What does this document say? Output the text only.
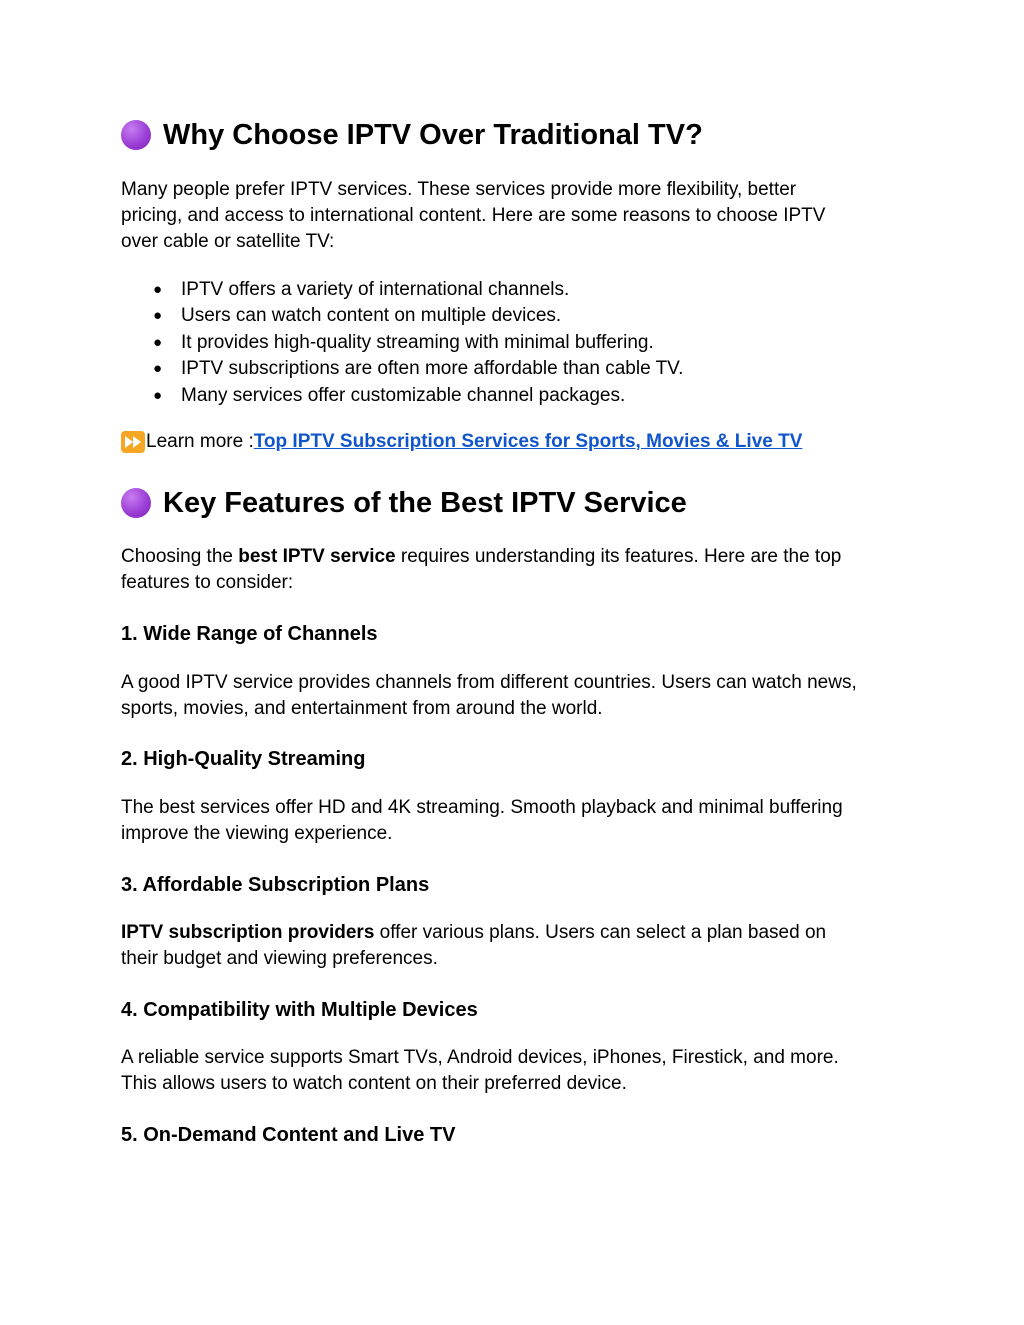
Why Choose IPTV Over Traditional TV?

Many people prefer IPTV services. These services provide more flexibility, better

pricing, and access to international content. Here are some reasons to choose IPTV

over cable or satellite TV:

● IPTV offers a variety of international channels.
● Users can watch content on multiple devices.
● It provides high-quality streaming with minimal buffering.
● IPTV subscriptions are often more affordable than cable TV.
● Many services offer customizable channel packages.
Learn more : Top IPTV Subscription Services for Sports, Movies & Live TV
Key Features of the Best IPTV Service

Choosing the best IPTV service requires understanding its features. Here are the top

features to consider:

1. Wide Range of Channels

A good IPTV service provides channels from different countries. Users can watch news,

sports, movies, and entertainment from around the world.

2. High-Quality Streaming

The best services offer HD and 4K streaming. Smooth playback and minimal buffering

improve the viewing experience.

3. Affordable Subscription Plans

IPTV subscription providers offer various plans. Users can select a plan based on

their budget and viewing preferences.

4. Compatibility with Multiple Devices

A reliable service supports Smart TVs, Android devices, iPhones, Firestick, and more.

This allows users to watch content on their preferred device.

5. On-Demand Content and Live TV
